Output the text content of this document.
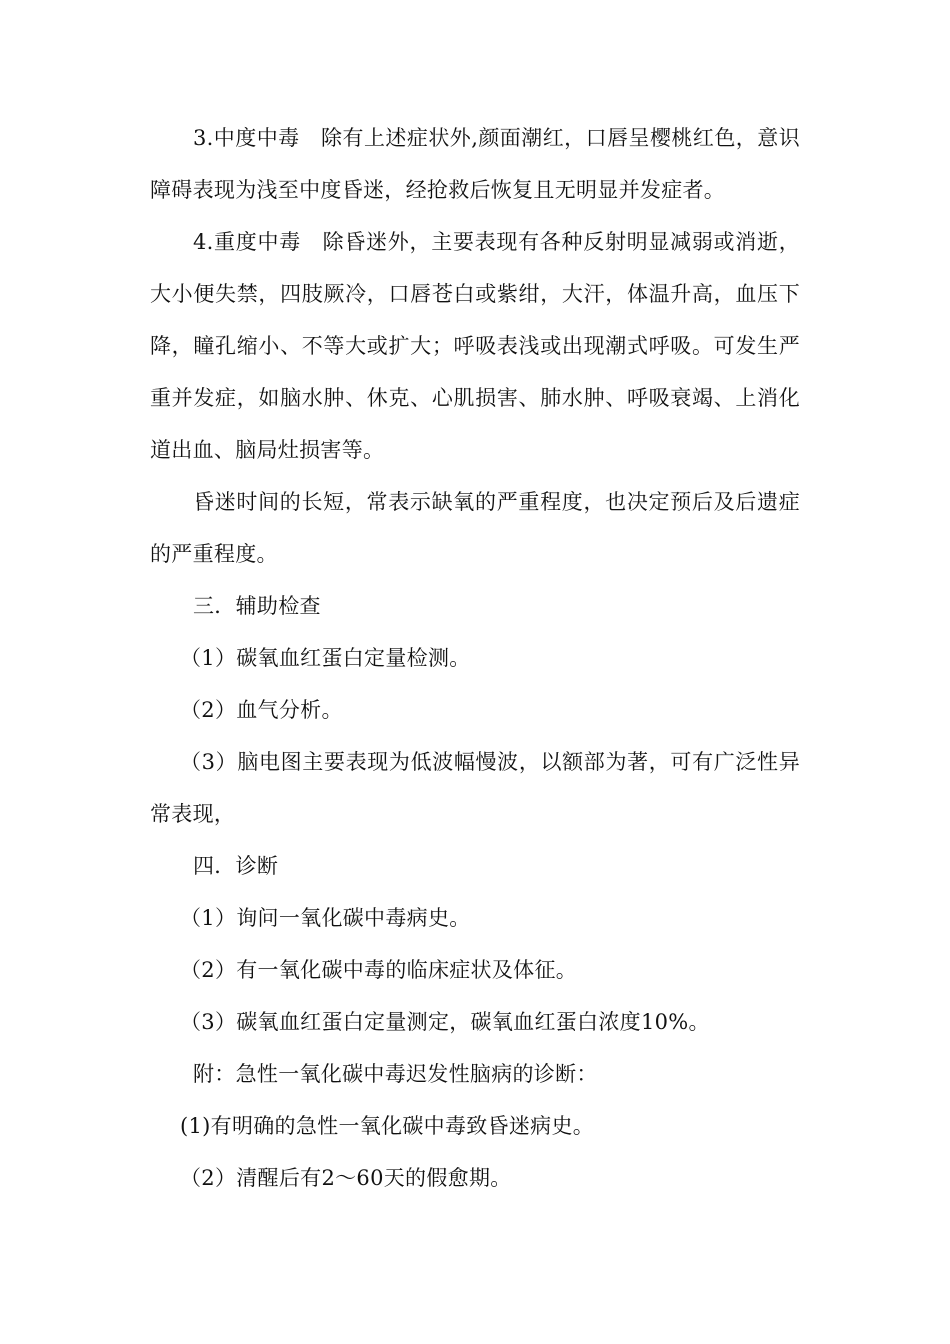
3.中度中毒　除有上述症状外,颜面潮红，口唇呈樱桃红色，意识障碍表现为浅至中度昏迷，经抢救后恢复且无明显并发症者。

4.重度中毒　除昏迷外，主要表现有各种反射明显减弱或消逝，大小便失禁，四肢厥冷，口唇苍白或紫绀，大汗，体温升高，血压下降，瞳孔缩小、不等大或扩大；呼吸表浅或出现潮式呼吸。可发生严重并发症，如脑水肿、休克、心肌损害、肺水肿、呼吸衰竭、上消化道出血、脑局灶损害等。

昏迷时间的长短，常表示缺氧的严重程度，也决定预后及后遗症的严重程度。

三．辅助检查

（1）碳氧血红蛋白定量检测。

（2）血气分析。

（3）脑电图主要表现为低波幅慢波，以额部为著，可有广泛性异常表现，

四．诊断

（1）询问一氧化碳中毒病史。

（2）有一氧化碳中毒的临床症状及体征。

（3）碳氧血红蛋白定量测定，碳氧血红蛋白浓度10%。

附：急性一氧化碳中毒迟发性脑病的诊断：

(1)有明确的急性一氧化碳中毒致昏迷病史。

（2）清醒后有2～60天的假愈期。
